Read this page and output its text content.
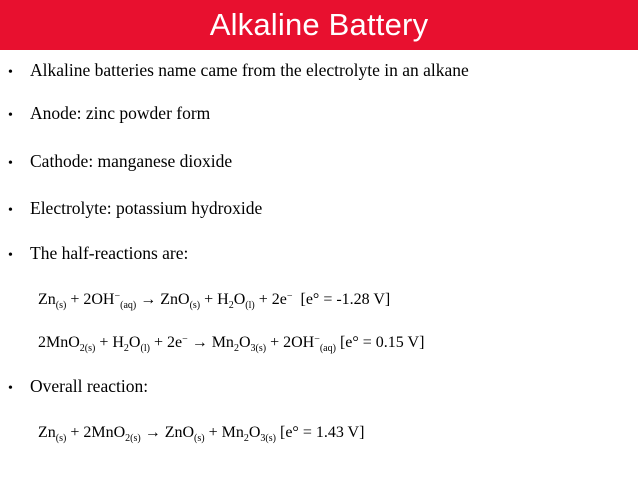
Alkaline Battery
• Alkaline batteries name came from the electrolyte in an alkane
• Anode: zinc powder form
• Cathode: manganese dioxide
• Electrolyte: potassium hydroxide
• The half-reactions are:
$Zn_{(s)} + 2OH^-_{(aq)} \to ZnO_{(s)} + H_2O_{(l)} + 2e^-$  [e° = -1.28 V]
$2MnO_{2(s)} + H_2O_{(l)} + 2e^- \to Mn_2O_{3(s)} + 2OH^-_{(aq)}$ [e° = 0.15 V]
• Overall reaction:
$Zn_{(s)} + 2MnO_{2(s)} \to ZnO_{(s)} + Mn_2O_{3(s)}$ [e° = 1.43 V]
